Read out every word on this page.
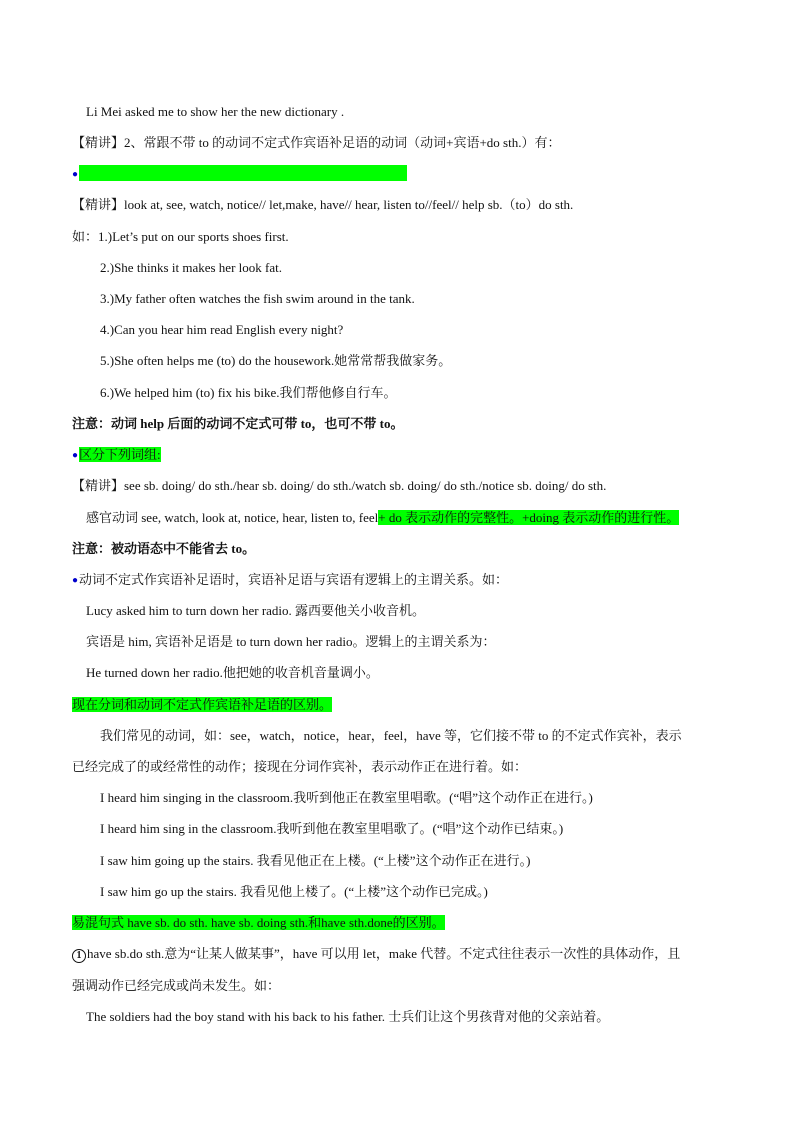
Li Mei asked me to show her the new dictionary .
【精讲】2、常跟不带 to 的动词不定式作宾语补足语的动词（动词+宾语+do sth.）有：
●
【精讲】look at, see, watch, notice// let,make, have// hear, listen to//feel// help sb.（to）do sth.
如：1.)Let’s put on our sports shoes first.
2.)She thinks it makes her look fat.
3.)My father often watches the fish swim around in the tank.
4.)Can you hear him read English every night?
5.)She often helps me (to) do the housework.她常常帮我做家务。
6.)We helped him (to) fix his bike.我们帮他修自行车。
注意：动词 help 后面的动词不定式可带 to，也可不带 to。
●区分下列词组:
【精讲】see sb. doing/ do sth./hear sb. doing/ do sth./watch sb. doing/ do sth./notice sb. doing/ do sth.
感官动词 see, watch, look at, notice, hear, listen to, feel+ do 表示动作的完整性。+doing 表示动作的进行性。
注意：被动语态中不能省去 to。
●动词不定式作宾语补足语时，宾语补足语与宾语有逻辑上的主谓关系。如：
Lucy asked him to turn down her radio. 露西要他关小收音机。
宾语是 him, 宾语补足语是 to turn down her radio。逻辑上的主谓关系为：
He turned down her radio.他把她的收音机音量调小。
现在分词和动词不定式作宾语补足语的区别。
我们常见的动词，如：see，watch，notice，hear，feel，have 等，它们接不带 to 的不定式作宾补，表示
已经完成了的或经常性的动作；接现在分词作宾补，表示动作正在进行着。如：
I heard him singing in the classroom.我听到他正在教室里唱歌。(“唱”这个动作正在进行。)
I heard him sing in the classroom.我听到他在教室里唱歌了。(“唱”这个动作已结束。)
I saw him going up the stairs. 我看见他正在上楼。(“上楼”这个动作正在进行。)
I saw him go up the stairs. 我看见他上楼了。(“上楼”这个动作已完成。)
易混句式 have sb. do sth. have sb. doing sth.和have sth.done的区别。
1 have sb.do sth.意为“让某人做某事”，have 可以用 let，make 代替。不定式往往表示一次性的具体动作，且
强调动作已经完成或尚未发生。如：
The soldiers had the boy stand with his back to his father. 士兵们让这个男孩背对他的父亲站着。
